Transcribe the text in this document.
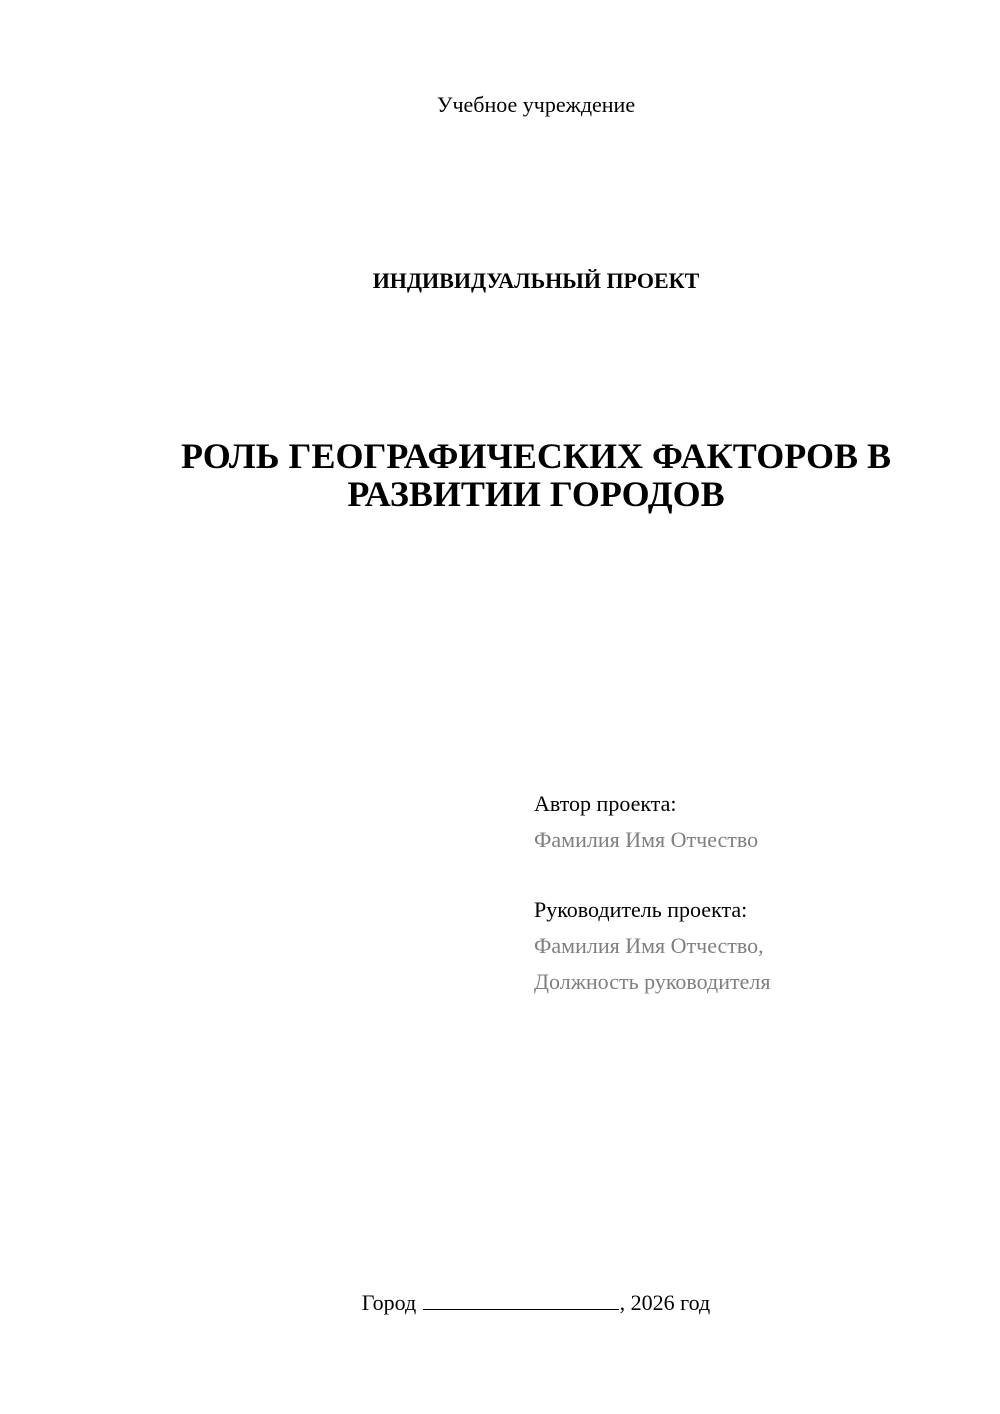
Учебное учреждение
ИНДИВИДУАЛЬНЫЙ ПРОЕКТ
РОЛЬ ГЕОГРАФИЧЕСКИХ ФАКТОРОВ В
РАЗВИТИИ ГОРОДОВ
Автор проекта:
Фамилия Имя Отчество
Руководитель проекта:
Фамилия Имя Отчество,
Должность руководителя
Город	, 2026 год
